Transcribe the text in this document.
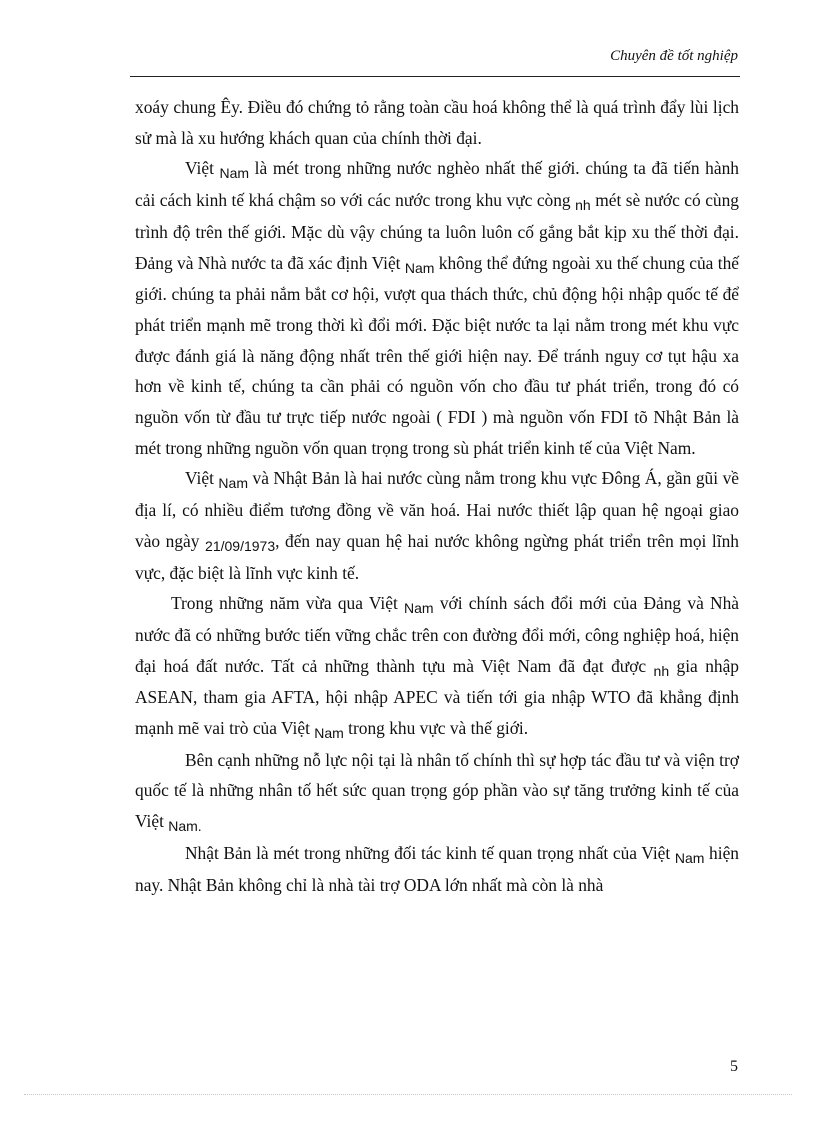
Chuyên đề tốt nghiệp

xoáy chung Êy. Điều đó chứng tỏ rằng toàn cầu hoá không thể là quá trình đẩy lùi lịch sử mà là xu hướng khách quan của chính thời đại.

Việt $_{Nam}$ là mét trong những nước nghèo nhất thế giới. chúng ta đã tiến hành cải cách kinh tế khá chậm so với các nước trong khu vực còng $_{nh}$ mét sè nước có cùng trình độ trên thế giới. Mặc dù vậy chúng ta luôn luôn cố gắng bắt kịp xu thế thời đại. Đảng và Nhà nước ta đã xác định Việt $_{Nam}$ không thể đứng ngoài xu thế chung của thế giới. chúng ta phải nắm bắt cơ hội, vượt qua thách thức, chủ động hội nhập quốc tế để phát triển mạnh mẽ trong thời kì đổi mới. Đặc biệt nước ta lại nằm trong mét khu vực được đánh giá là năng động nhất trên thế giới hiện nay. Để tránh nguy cơ tụt hậu xa hơn về kinh tế, chúng ta cần phải có nguồn vốn cho đầu tư phát triển, trong đó có nguồn vốn từ đầu tư trực tiếp nước ngoài ( FDI ) mà nguồn vốn FDI tõ Nhật Bản là mét trong những nguồn vốn quan trọng trong sù phát triển kinh tế của Việt Nam.

Việt $_{Nam}$ và Nhật Bản là hai nước cùng nằm trong khu vực Đông Á, gần gũi về địa lí, có nhiều điểm tương đồng về văn hoá. Hai nước thiết lập quan hệ ngoại giao vào ngày $_{21/09/1973}$, đến nay quan hệ hai nước không ngừng phát triển trên mọi lĩnh vực, đặc biệt là lĩnh vực kinh tế.

Trong những năm vừa qua Việt $_{Nam}$ với chính sách đổi mới của Đảng và Nhà nước đã có những bước tiến vững chắc trên con đường đổi mới, công nghiệp hoá, hiện đại hoá đất nước. Tất cả những thành tựu mà Việt Nam đã đạt được $_{nh}$ gia nhập ASEAN, tham gia AFTA, hội nhập APEC và tiến tới gia nhập WTO đã khẳng định mạnh mẽ vai trò của Việt $_{Nam}$ trong khu vực và thế giới.

Bên cạnh những nỗ lực nội tại là nhân tố chính thì sự hợp tác đầu tư và viện trợ quốc tế là những nhân tố hết sức quan trọng góp phần vào sự tăng trưởng kinh tế của Việt $_{Nam.}$

Nhật Bản là mét trong những đối tác kinh tế quan trọng nhất của Việt $_{Nam}$ hiện nay. Nhật Bản không chỉ là nhà tài trợ ODA lớn nhất mà còn là nhà

5
